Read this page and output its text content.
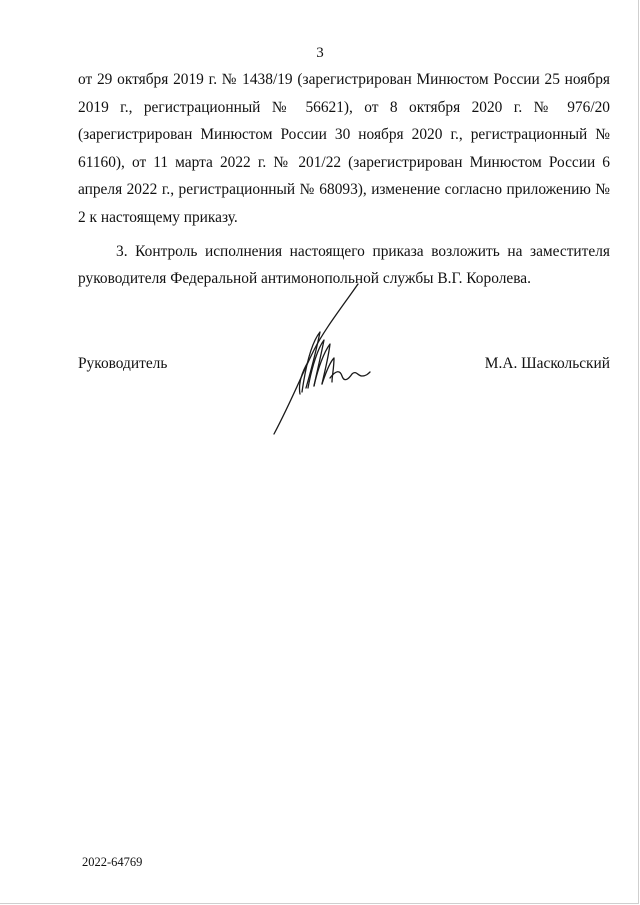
3

от 29 октября 2019 г. № 1438/19 (зарегистрирован Минюстом России 25 ноября 2019 г., регистрационный № 56621), от 8 октября 2020 г. № 976/20 (зарегистрирован Минюстом России 30 ноября 2020 г., регистрационный № 61160), от 11 марта 2022 г. № 201/22 (зарегистрирован Минюстом России 6 апреля 2022 г., регистрационный № 68093), изменение согласно приложению № 2 к настоящему приказу.

3. Контроль исполнения настоящего приказа возложить на заместителя руководителя Федеральной антимонопольной службы В.Г. Королева.

Руководитель	М.А. Шаскольский
2022-64769
